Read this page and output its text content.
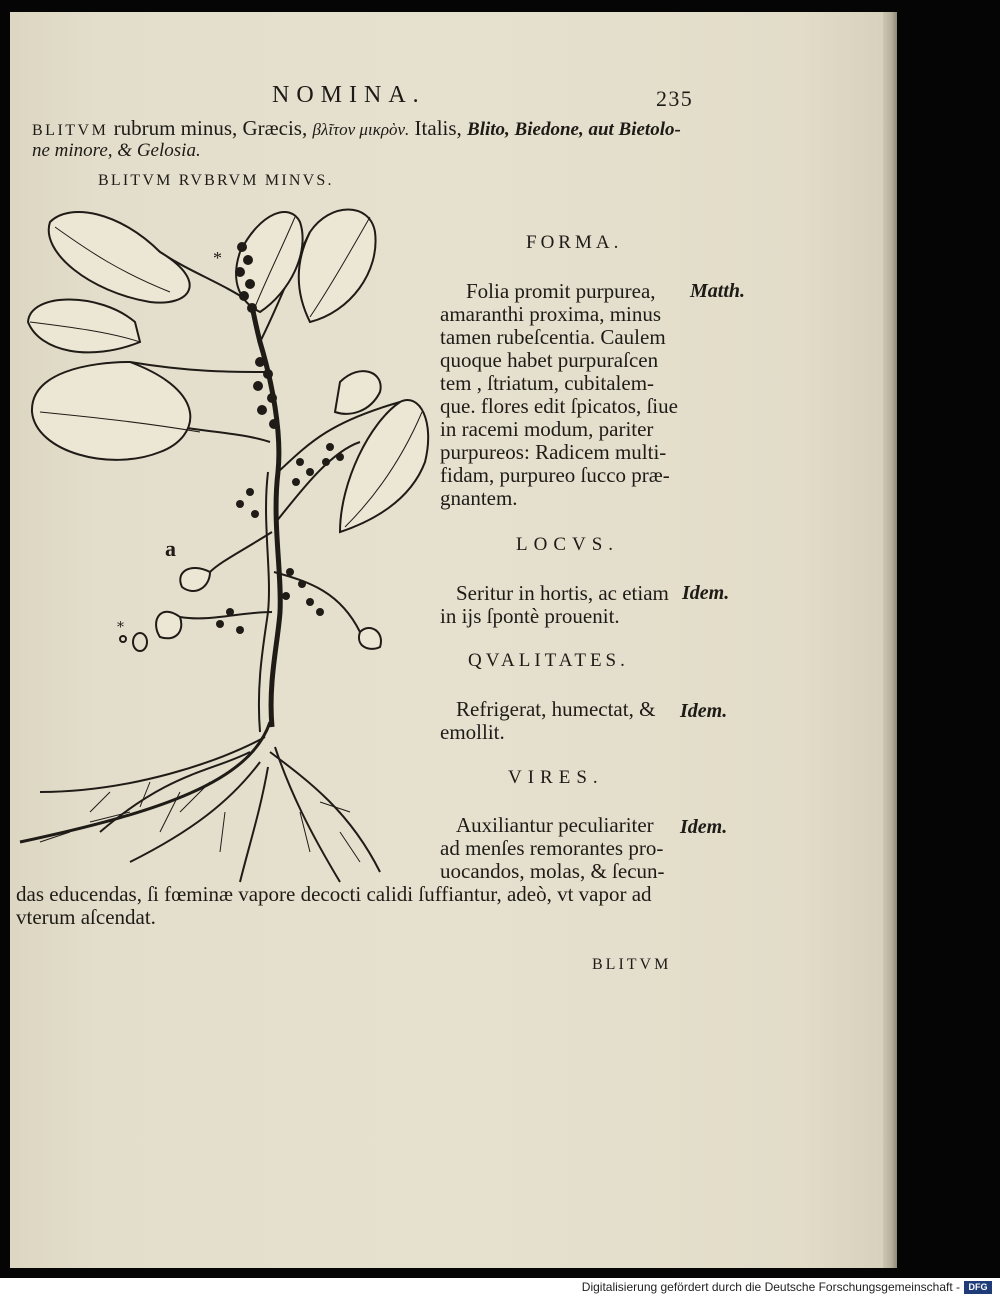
NOMINA.	235
BLITVM rubrum minus, Græcis, βλῖτον μικρὸν. Italis, Blito, Biedone, aut Bietolo-
ne minore, & Gelosia.
BLITVM RVBRVM MINVS.
a
*
⁎
FORMA.
Matth.
Folia promit purpurea,
amaranthi proxima, minus
tamen rubeſcentia. Caulem
quoque habet purpuraſcen
tem , ſtriatum, cubitalem-
que. flores edit ſpicatos, ſiue
in racemi modum, pariter
purpureos: Radicem multi-
fidam, purpureo ſucco præ-
gnantem.
LOCVS.
Seritur in hortis, ac etiam Idem.
in ijs ſpontè prouenit.
QVALITATES.
Refrigerat, humectat, & Idem.
emollit.
VIRES.
Auxiliantur peculiariter Idem.
ad menſes remorantes pro-
uocandos, molas, & ſecun-
das educendas, ſi fœminæ vapore decocti calidi ſuffiantur, adeò, vt vapor ad
vterum aſcendat.
BLITVM
Digitalisierung gefördert durch die Deutsche Forschungsgemeinschaft - DFG
